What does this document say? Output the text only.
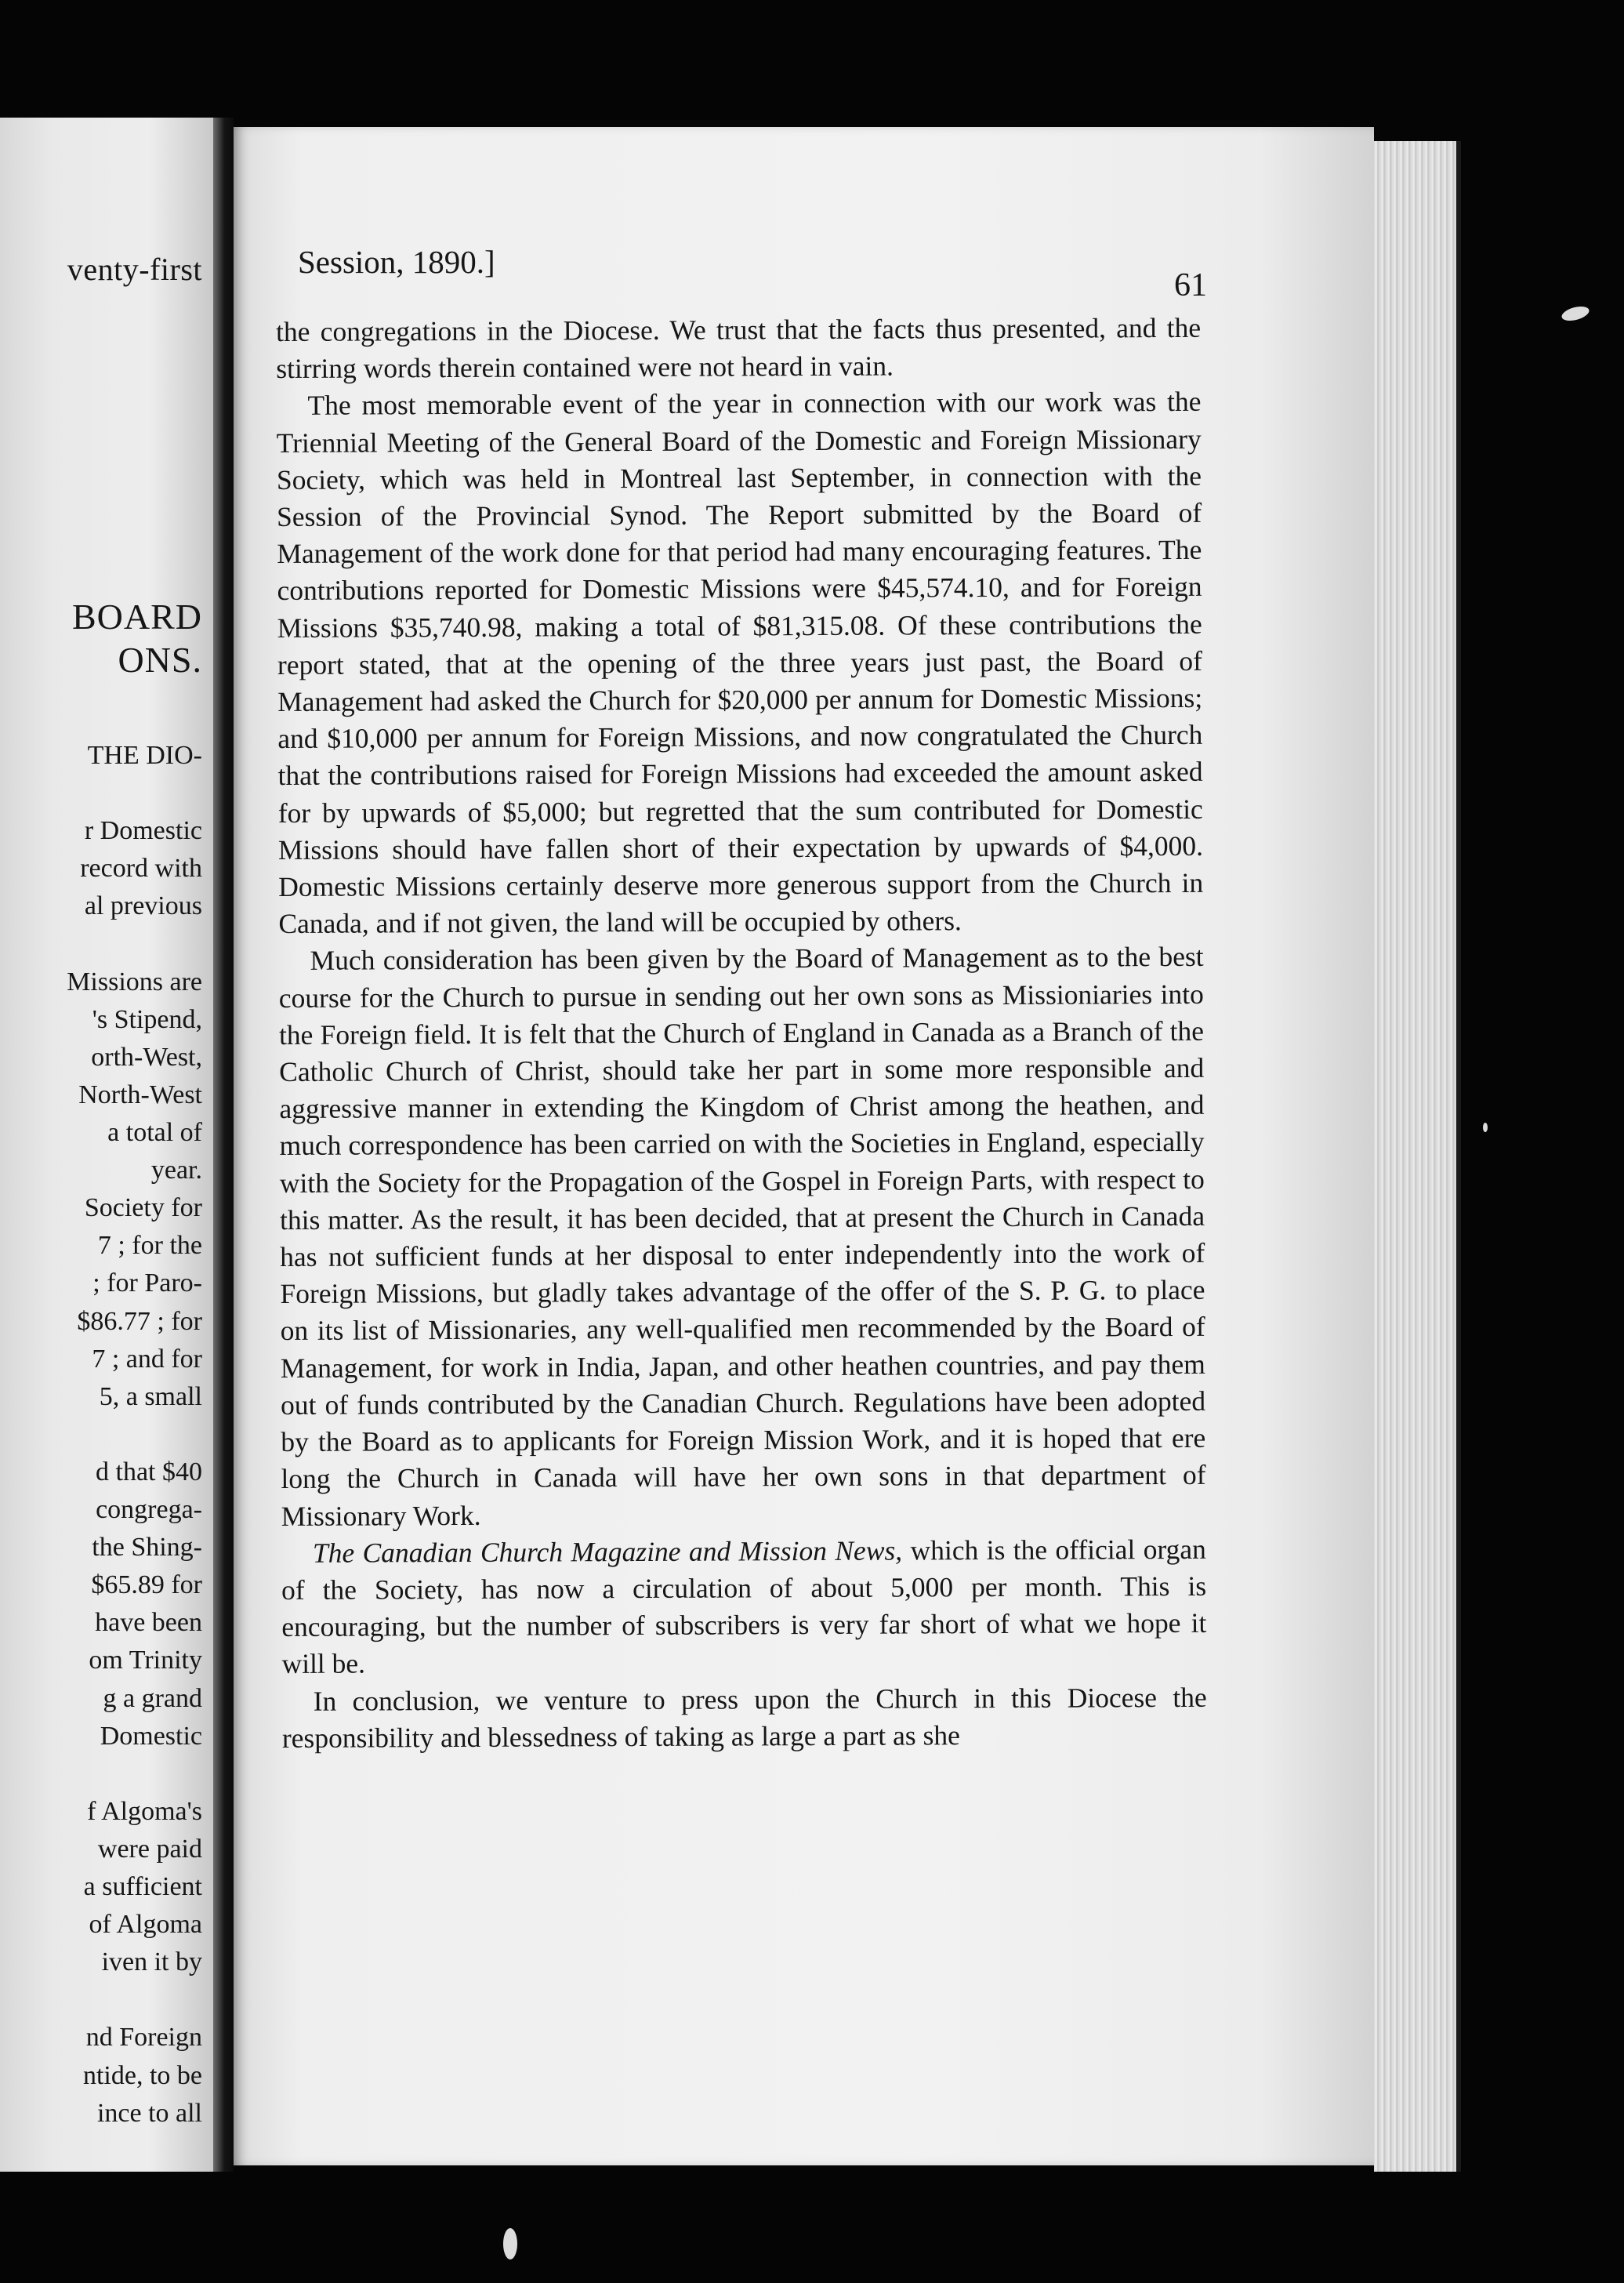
venty-first
BOARD
ONS.
THE DIO-
r Domestic
record with
al previous
Missions are
's Stipend,
orth-West,
North-West
a total of
year.
Society for
7 ; for the
; for Paro-
$86.77 ; for
7 ; and for
5, a small
d that $40
congrega-
the Shing-
$65.89 for
have been
om Trinity
g a grand
Domestic
f Algoma's
were paid
a sufficient
of Algoma
iven it by
nd Foreign
ntide, to be
ince to all
Session, 1890.]
61

the congregations in the Diocese. We trust that the facts thus presented, and the stirring words therein contained were not heard in vain.

The most memorable event of the year in connection with our work was the Triennial Meeting of the General Board of the Domestic and Foreign Missionary Society, which was held in Montreal last September, in connection with the Session of the Provincial Synod. The Report submitted by the Board of Management of the work done for that period had many encouraging features. The contributions reported for Domestic Missions were $45,574.10, and for Foreign Missions $35,740.98, making a total of $81,315.08. Of these contributions the report stated, that at the opening of the three years just past, the Board of Management had asked the Church for $20,000 per annum for Domestic Missions; and $10,000 per annum for Foreign Missions, and now congratulated the Church that the contributions raised for Foreign Missions had exceeded the amount asked for by upwards of $5,000; but regretted that the sum contributed for Domestic Missions should have fallen short of their expectation by upwards of $4,000. Domestic Missions certainly deserve more generous support from the Church in Canada, and if not given, the land will be occupied by others.

Much consideration has been given by the Board of Management as to the best course for the Church to pursue in sending out her own sons as Missioniaries into the Foreign field. It is felt that the Church of England in Canada as a Branch of the Catholic Church of Christ, should take her part in some more responsible and aggressive manner in extending the Kingdom of Christ among the heathen, and much correspondence has been carried on with the Societies in England, especially with the Society for the Propagation of the Gospel in Foreign Parts, with respect to this matter. As the result, it has been decided, that at present the Church in Canada has not sufficient funds at her disposal to enter independently into the work of Foreign Missions, but gladly takes advantage of the offer of the S. P. G. to place on its list of Missionaries, any well-qualified men recommended by the Board of Management, for work in India, Japan, and other heathen countries, and pay them out of funds contributed by the Canadian Church. Regulations have been adopted by the Board as to applicants for Foreign Mission Work, and it is hoped that ere long the Church in Canada will have her own sons in that department of Missionary Work.

The Canadian Church Magazine and Mission News, which is the official organ of the Society, has now a circulation of about 5,000 per month. This is encouraging, but the number of subscribers is very far short of what we hope it will be.

In conclusion, we venture to press upon the Church in this Diocese the responsibility and blessedness of taking as large a part as she
